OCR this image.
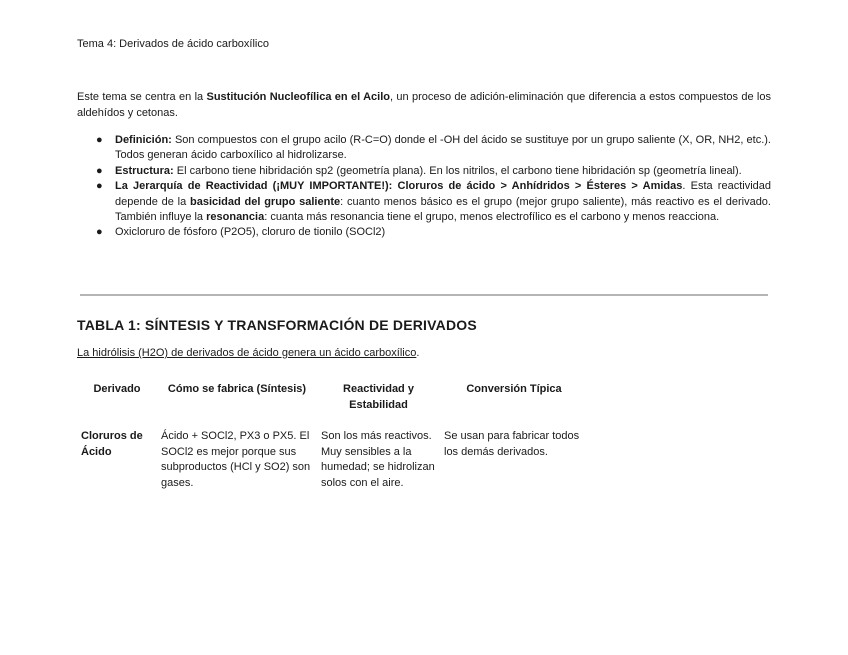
Tema 4: Derivados de ácido carboxílico

Este tema se centra en la Sustitución Nucleofílica en el Acilo, un proceso de adición-eliminación que diferencia a estos compuestos de los aldehídos y cetonas.

● Definición: Son compuestos con el grupo acilo (R-C=O) donde el -OH del ácido se sustituye por un grupo saliente (X, OR, NH2, etc.). Todos generan ácido carboxílico al hidrolizarse.
● Estructura: El carbono tiene hibridación sp2 (geometría plana). En los nitrilos, el carbono tiene hibridación sp (geometría lineal).
● La Jerarquía de Reactividad (¡MUY IMPORTANTE!): Cloruros de ácido > Anhídridos > Ésteres > Amidas. Esta reactividad depende de la basicidad del grupo saliente: cuanto menos básico es el grupo (mejor grupo saliente), más reactivo es el derivado. También influye la resonancia: cuanta más resonancia tiene el grupo, menos electrofílico es el carbono y menos reacciona.
● Oxicloruro de fósforo (P2O5), cloruro de tionilo (SOCl2)
TABLA 1: SÍNTESIS Y TRANSFORMACIÓN DE DERIVADOS
La hidrólisis (H2O) de derivados de ácido genera un ácido carboxílico.
Derivado	Cómo se fabrica (Síntesis)	Reactividad y Estabilidad	Conversión Típica
Cloruros de Ácido	Ácido + SOCl2, PX3 o PX5. El SOCl2 es mejor porque sus subproductos (HCl y SO2) son gases.	Son los más reactivos. Muy sensibles a la humedad; se hidrolizan solos con el aire.	Se usan para fabricar todos los demás derivados.
